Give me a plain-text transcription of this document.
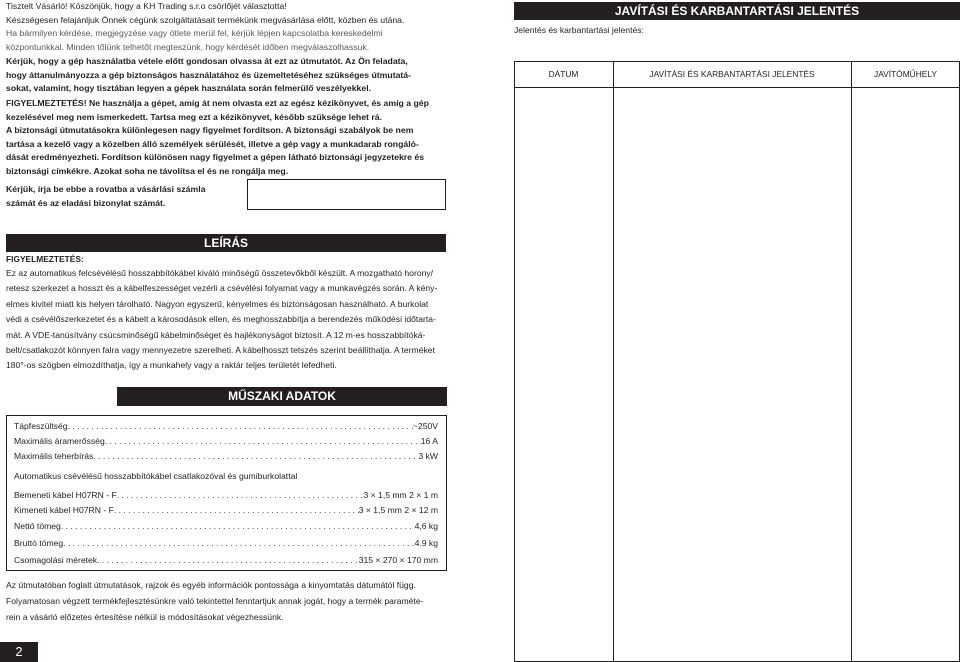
Tisztelt Vásárló! Köszönjük, hogy a KH Trading s.r.o csörlőjét választotta!

Készségesen felajánljuk Önnek cégünk szolgáltatásait termékünk megvásárlása előtt, közben és utána.

Ha bármilyen kérdése, megjegyzése vagy ötlete merül fel, kérjük lépjen kapcsolatba kereskedelmi

központunkkal. Minden tőlünk telhetőt megteszünk, hogy kérdését időben megválaszolhassuk.

Kérjük, hogy a gép használatba vétele előtt gondosan olvassa át ezt az útmutatót. Az Ön feladata,

hogy áttanulmányozza a gép biztonságos használatához és üzemeltetéséhez szükséges útmutatá-

sokat, valamint, hogy tisztában legyen a gépek használata során felmerülő veszélyekkel.

FIGYELMEZTETÉS! Ne használja a gépet, amíg át nem olvasta ezt az egész kézikönyvet, és amíg a gép

kezelésével meg nem ismerkedett. Tartsa meg ezt a kézikönyvet, később szüksége lehet rá.

A biztonsági útmutatásokra különlegesen nagy figyelmet fordítson. A biztonsági szabályok be nem

tartása a kezelő vagy a közelben álló személyek sérülését, illetve a gép vagy a munkadarab rongáló-

dását eredményezheti. Fordítson különösen nagy figyelmet a gépen látható biztonsági jegyzetekre és

biztonsági címkékre. Azokat soha ne távolítsa el és ne rongálja meg.

Kérjük, írja be ebbe a rovatba a vásárlási számla
számát és az eladási bizonylat számát.
LEÍRÁS
FIGYELMEZTETÉS:

Ez az automatikus felcsévélésű hosszabbítókábel kiváló minőségű összetevőkből készült. A mozgatható horony/

retesz szerkezet a hosszt és a kábelfeszességet vezérli a csévélési folyamat vagy a munkavégzés során. A kény-

elmes kivitel miatt kis helyen tárolható. Nagyon egyszerű, kényelmes és biztonságosan használható. A burkolat

védi a csévélőszerkezetet és a kábelt a károsodások ellen, és meghosszabbítja a berendezés működési időtarta-

mát. A VDE-tanúsítvány csúcsminőségű kábelminőséget és hajlékonyságot biztosít. A 12 m-es hosszabbítóká-

belt/csatlakozót könnyen falra vagy mennyezetre szerelheti. A kábelhosszt tetszés szerint beállíthatja. A terméket

180°-os szögben elmozdíthatja, így a munkahely vagy a raktár teljes területét lefedheti.

MŰSZAKI ADATOK
Tápfeszültség . . .	~250V
Maximális áramerősség . . .	16 A
Maximális teherbírás . . .	3 kW
Automatikus csévélésű hosszabbítókábel csatlakozóval és gumiburkolattal
Bemeneti kábel H07RN - F . . .	3 × 1,5 mm 2 × 1 m
Kimeneti kábel H07RN - F . . .	3 × 1,5 mm 2 × 12 m
Nettó tömeg . . .	4,6 kg
Bruttó tömeg . . .	4.9 kg
Csomagolási méretek . . .	315 × 270 × 170 mm

Az útmutatóban foglalt útmutatások, rajzok és egyéb információk pontossága a kinyomtatás dátumától függ.

Folyamatosan végzett termékfejlesztésünkre való tekintettel fenntartjuk annak jogát, hogy a termék paraméte-

rein a vásárló előzetes értesítése nélkül is módosításokat végezhessünk.

2
JAVÍTÁSI ÉS KARBANTARTÁSI JELENTÉS
Jelentés és karbantartási jelentés:
DÁTUM	JAVÍTÁSI ÉS KARBANTARTÁSI JELENTÉS	JAVÍTÓMŰHELY
